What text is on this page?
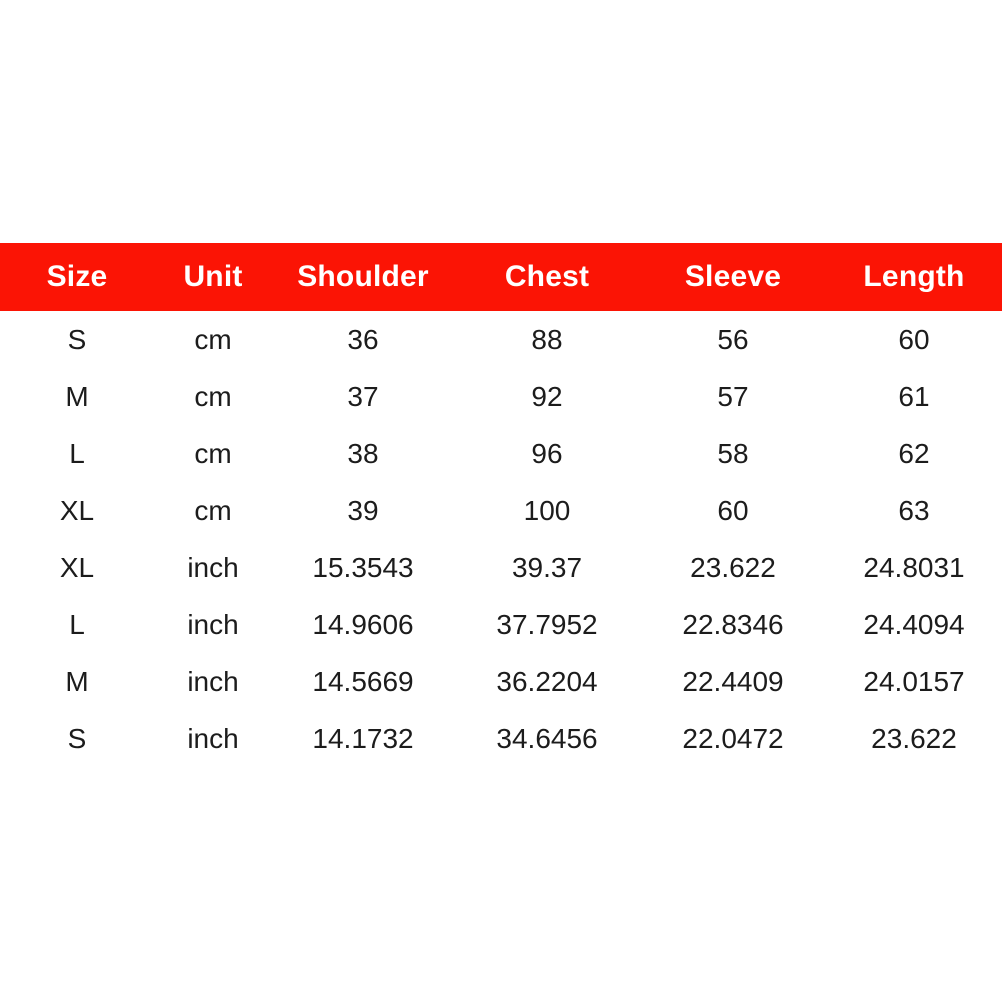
Size	Unit	Shoulder	Chest	Sleeve	Length
S	cm	36	88	56	60
M	cm	37	92	57	61
L	cm	38	96	58	62
XL	cm	39	100	60	63
XL	inch	15.3543	39.37	23.622	24.8031
L	inch	14.9606	37.7952	22.8346	24.4094
M	inch	14.5669	36.2204	22.4409	24.0157
S	inch	14.1732	34.6456	22.0472	23.622
